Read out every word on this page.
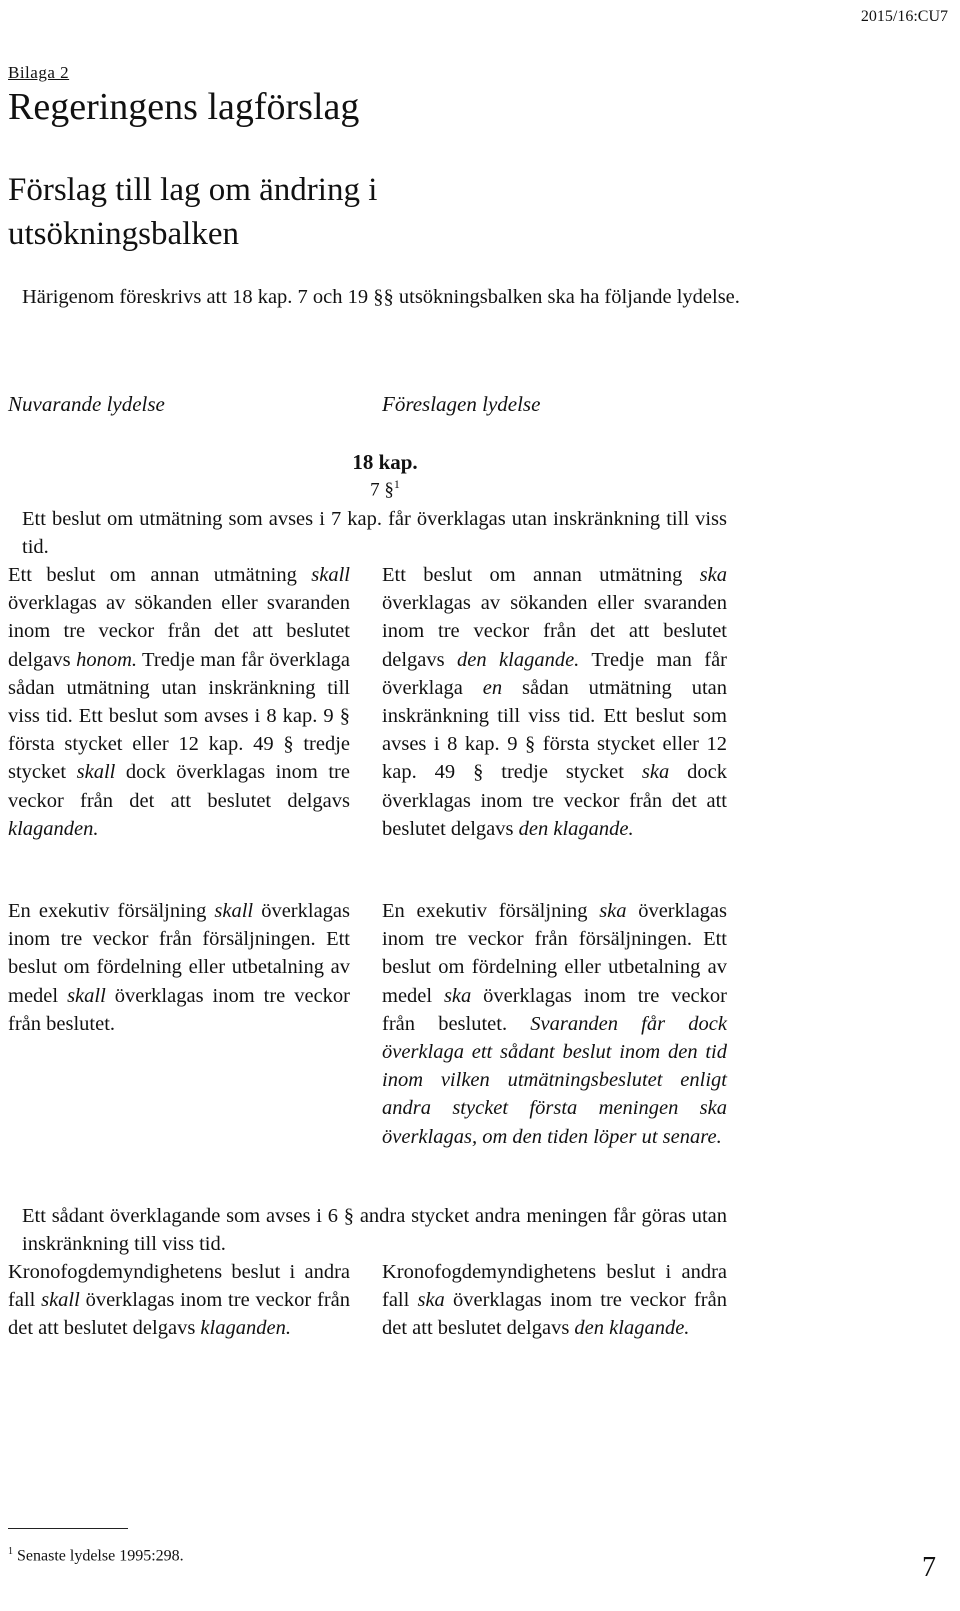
2015/16:CU7
Bilaga 2
Regeringens lagförslag
Förslag till lag om ändring i utsökningsbalken
Härigenom föreskrivs att 18 kap. 7 och 19 §§ utsökningsbalken ska ha följande lydelse.
Nuvarande lydelse	Föreslagen lydelse
18 kap.
7 §$^1$
Ett beslut om utmätning som avses i 7 kap. får överklagas utan inskränkning till viss tid.
Ett beslut om annan utmätning skall överklagas av sökanden eller svaranden inom tre veckor från det att beslutet delgavs honom. Tredje man får överklaga sådan utmätning utan inskränkning till viss tid. Ett beslut som avses i 8 kap. 9 § första stycket eller 12 kap. 49 § tredje stycket skall dock överklagas inom tre veckor från det att beslutet delgavs klaganden.
Ett beslut om annan utmätning ska överklagas av sökanden eller svaranden inom tre veckor från det att beslutet delgavs den klagande. Tredje man får överklaga en sådan utmätning utan inskränkning till viss tid. Ett beslut som avses i 8 kap. 9 § första stycket eller 12 kap. 49 § tredje stycket ska dock överklagas inom tre veckor från det att beslutet delgavs den klagande.
En exekutiv försäljning skall överklagas inom tre veckor från försäljningen. Ett beslut om fördelning eller utbetalning av medel skall överklagas inom tre veckor från beslutet.
En exekutiv försäljning ska överklagas inom tre veckor från försäljningen. Ett beslut om fördelning eller utbetalning av medel ska överklagas inom tre veckor från beslutet. Svaranden får dock överklaga ett sådant beslut inom den tid inom vilken utmätningsbeslutet enligt andra stycket första meningen ska överklagas, om den tiden löper ut senare.
Ett sådant överklagande som avses i 6 § andra stycket andra meningen får göras utan inskränkning till viss tid.
Kronofogdemyndighetens beslut i andra fall skall överklagas inom tre veckor från det att beslutet delgavs klaganden.
Kronofogdemyndighetens beslut i andra fall ska överklagas inom tre veckor från det att beslutet delgavs den klagande.
$^1$ Senaste lydelse 1995:298.	7
